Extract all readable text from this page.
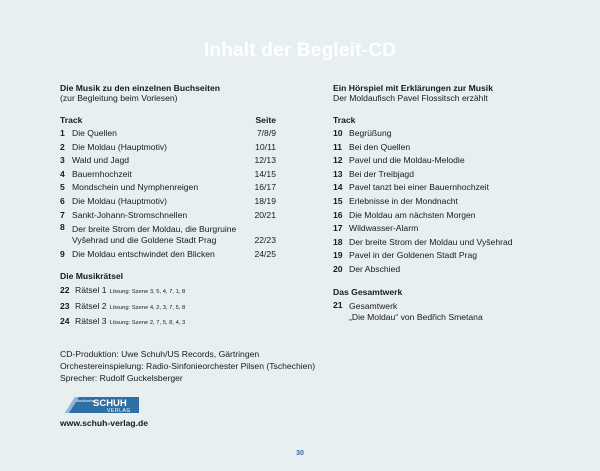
Inhalt der Begleit-CD
Die Musik zu den einzelnen Buchseiten
(zur Begleitung beim Vorlesen)
Track	Seite
1 Die Quellen	7/8/9
2 Die Moldau (Hauptmotiv)	10/11
3 Wald und Jagd	12/13
4 Bauernhochzeit	14/15
5 Mondschein und Nymphenreigen	16/17
6 Die Moldau (Hauptmotiv)	18/19
7 Sankt-Johann-Stromschnellen	20/21
8 Der breite Strom der Moldau, die Burgruine
Vyšehrad und die Goldene Stadt Prag	22/23
9 Die Moldau entschwindet den Blicken	24/25
Die Musikrätsel
22 Rätsel 1 Lösung: Szene 3, 5, 4, 7, 1, 8
23 Rätsel 2 Lösung: Szene 4, 2, 3, 7, 5, 8
24 Rätsel 3 Lösung: Szene 2, 7, 5, 8, 4, 3
Ein Hörspiel mit Erklärungen zur Musik
Der Moldaufisch Pavel Flossitsch erzählt
Track
10 Begrüßung
11 Bei den Quellen
12 Pavel und die Moldau-Melodie
13 Bei der Treibjagd
14 Pavel tanzt bei einer Bauernhochzeit
15 Erlebnisse in der Mondnacht
16 Die Moldau am nächsten Morgen
17 Wildwasser-Alarm
18 Der breite Strom der Moldau und Vyšehrad
19 Pavel in der Goldenen Stadt Prag
20 Der Abschied
Das Gesamtwerk
21 Gesamtwerk
„Die Moldau“ von Bedřich Smetana
CD-Produktion: Uwe Schuh/US Records, Gärtringen
Orchestereinspielung: Radio-Sinfonieorchester Pilsen (Tschechien)
Sprecher: Rudolf Guckelsberger
Musikverlag
SCHUH
VERLAG
www.schuh-verlag.de
30
